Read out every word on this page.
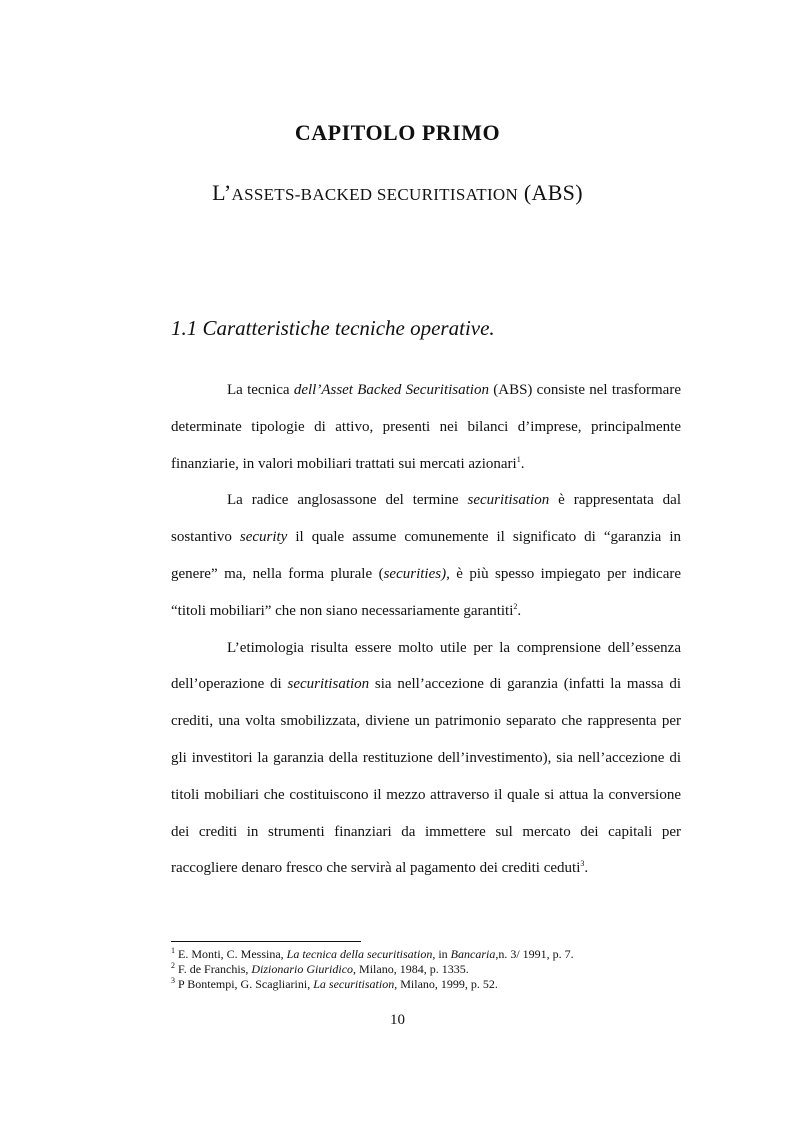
CAPITOLO PRIMO
L’ASSETS-BACKED SECURITISATION (ABS)
1.1 Caratteristiche tecniche operative.

La tecnica dell’Asset Backed Securitisation (ABS) consiste nel trasformare determinate tipologie di attivo, presenti nei bilanci d’imprese, principalmente finanziarie, in valori mobiliari trattati sui mercati azionari$^1$.

La radice anglosassone del termine securitisation è rappresentata dal sostantivo security il quale assume comunemente il significato di “garanzia in genere” ma, nella forma plurale (securities), è più spesso impiegato per indicare “titoli mobiliari” che non siano necessariamente garantiti$^2$.

L’etimologia risulta essere molto utile per la comprensione dell’essenza dell’operazione di securitisation sia nell’accezione di garanzia (infatti la massa di crediti, una volta smobilizzata, diviene un patrimonio separato che rappresenta per gli investitori la garanzia della restituzione dell’investimento), sia nell’accezione di titoli mobiliari che costituiscono il mezzo attraverso il quale si attua la conversione dei crediti in strumenti finanziari da immettere sul mercato dei capitali per raccogliere denaro fresco che servirà al pagamento dei crediti ceduti$^3$.

$^1$ E. Monti, C. Messina, La tecnica della securitisation, in Bancaria,n. 3/ 1991, p. 7.
$^2$ F. de Franchis, Dizionario Giuridico, Milano, 1984, p. 1335.
$^3$ P Bontempi, G. Scagliarini, La securitisation, Milano, 1999, p. 52.
10
